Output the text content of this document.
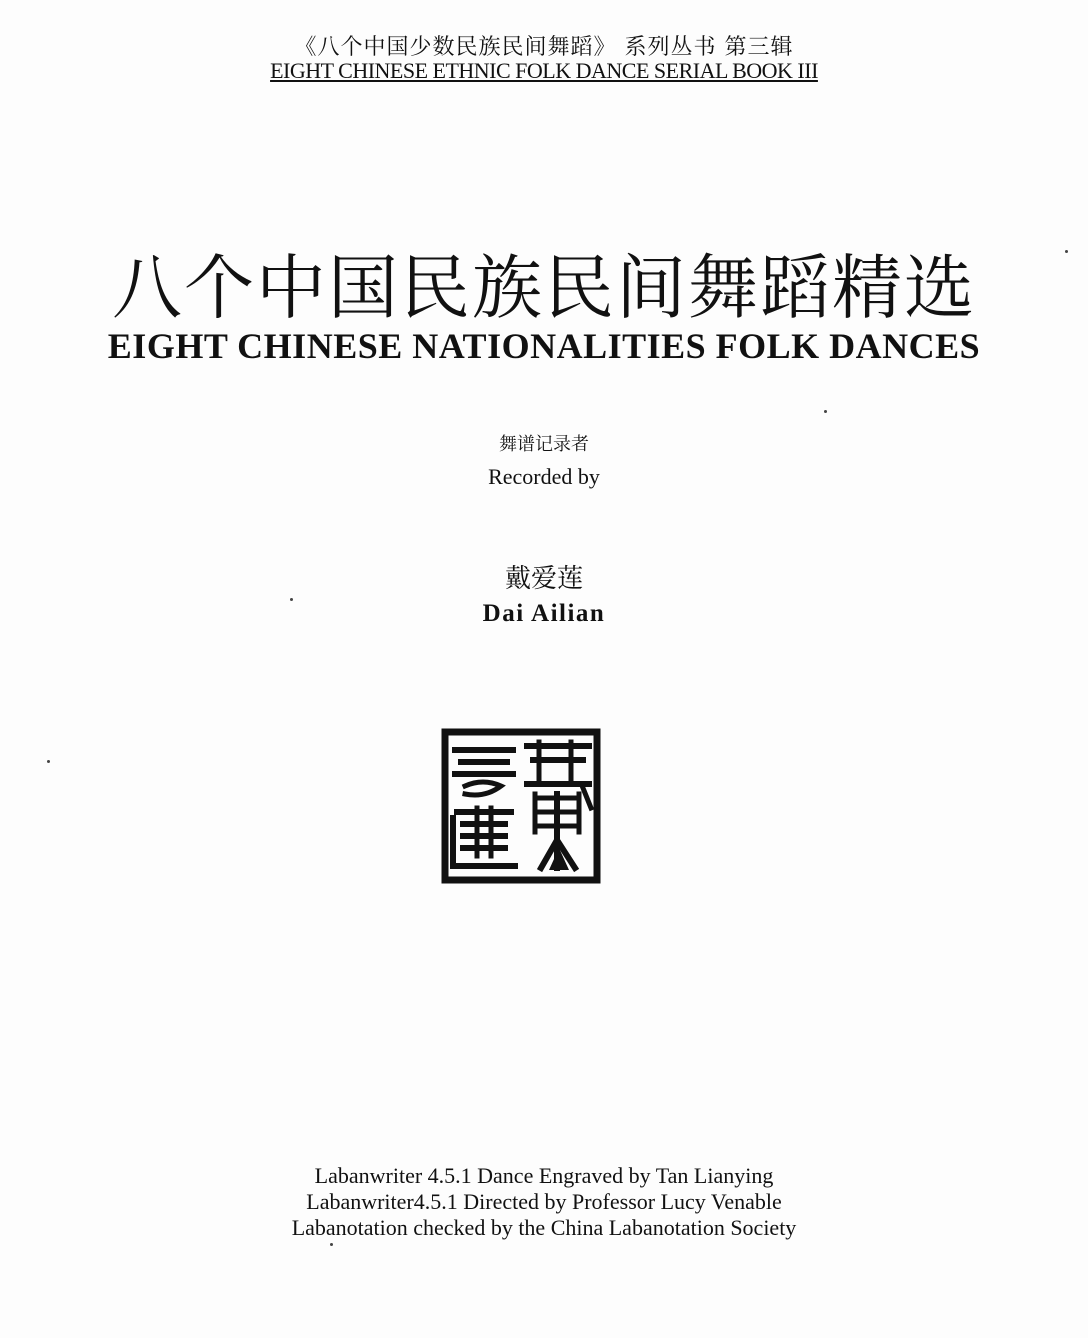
《八个中国少数民族民间舞蹈》 系列丛书 第三辑
EIGHT CHINESE ETHNIC FOLK DANCE SERIAL BOOK III
八个中国民族民间舞蹈精选
EIGHT CHINESE NATIONALITIES FOLK DANCES
舞谱记录者
Recorded by
戴爱莲
Dai Ailian
Labanwriter 4.5.1 Dance Engraved by Tan Lianying
Labanwriter4.5.1 Directed by Professor Lucy Venable
Labanotation checked by the China Labanotation Society
